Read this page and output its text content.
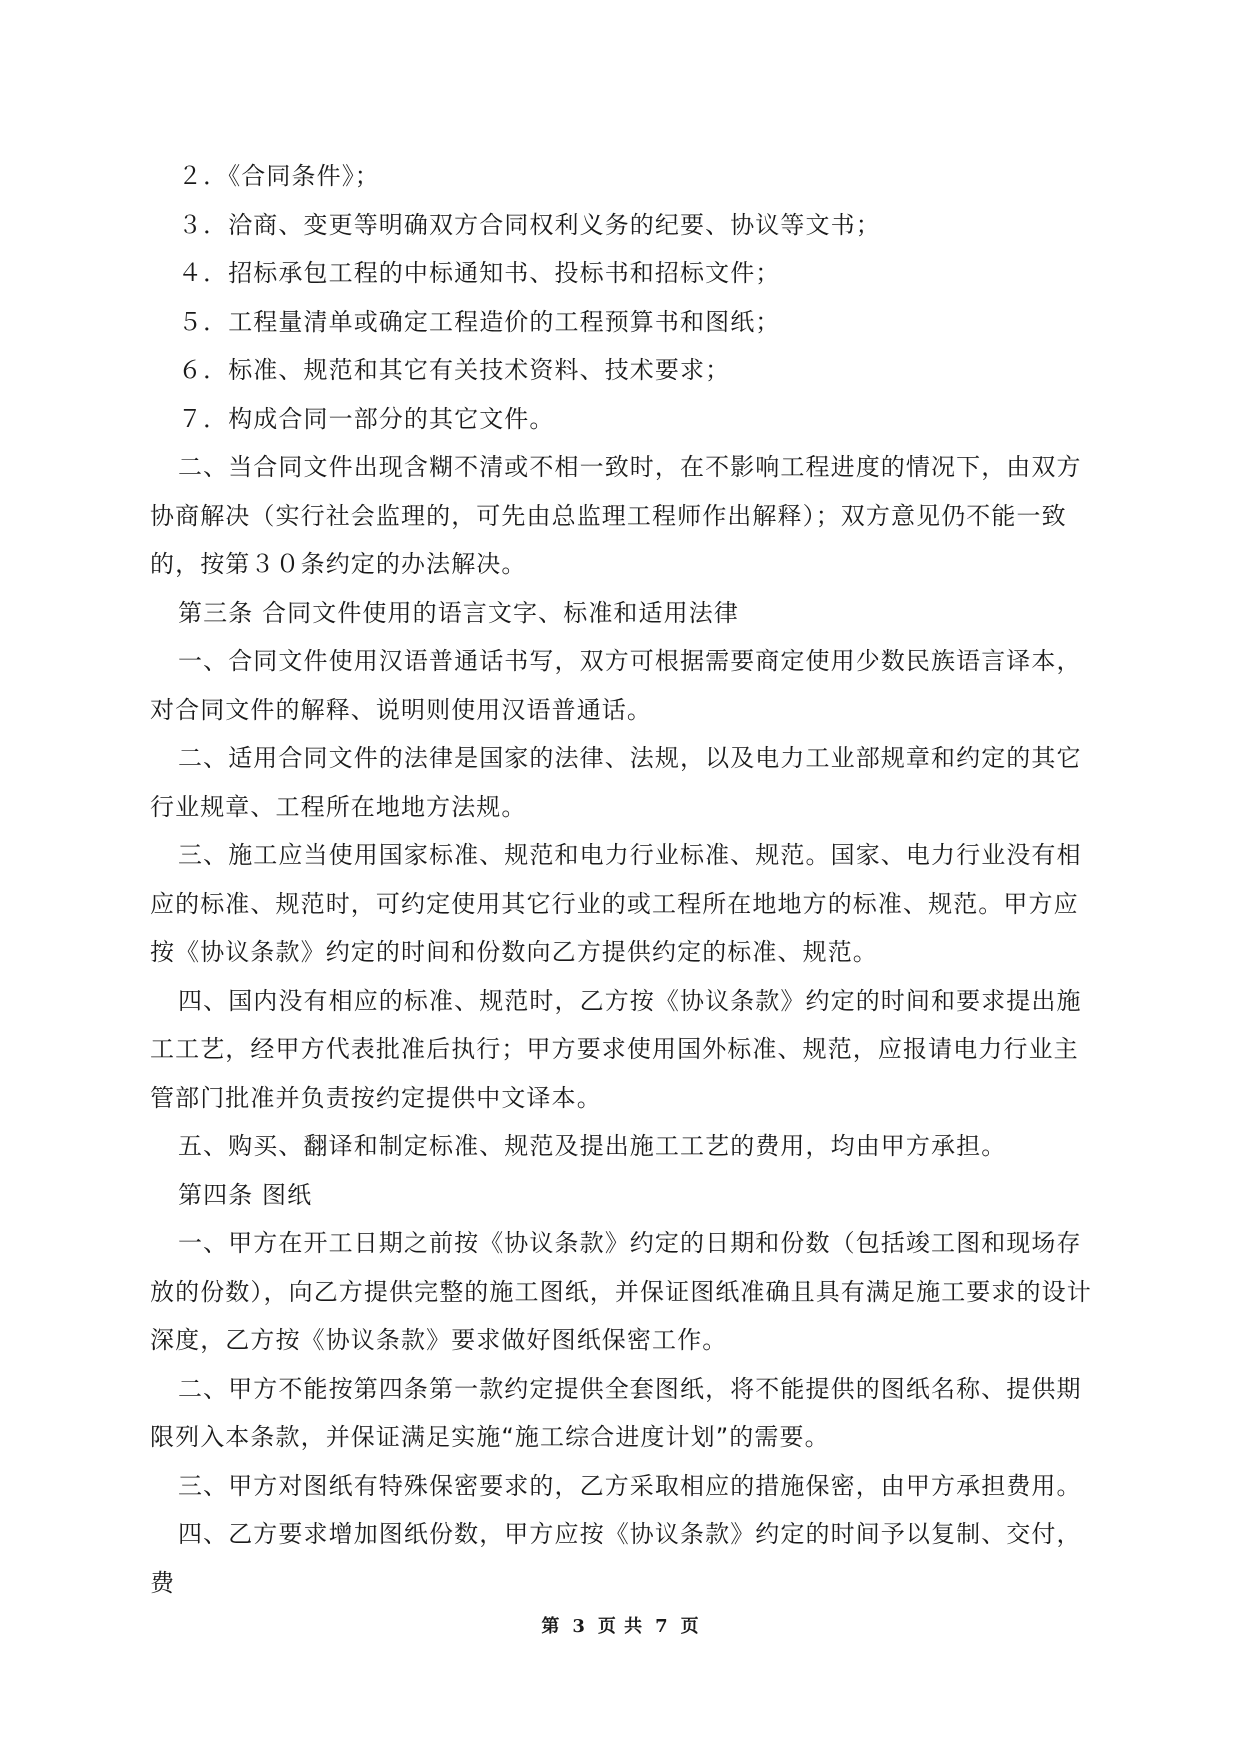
２．《合同条件》；

３．洽商、变更等明确双方合同权利义务的纪要、协议等文书；

４．招标承包工程的中标通知书、投标书和招标文件；

５．工程量清单或确定工程造价的工程预算书和图纸；

６．标准、规范和其它有关技术资料、技术要求；

７．构成合同一部分的其它文件。

二、当合同文件出现含糊不清或不相一致时，在不影响工程进度的情况下，由双方协商解决（实行社会监理的，可先由总监理工程师作出解释）；双方意见仍不能一致的，按第３０条约定的办法解决。

第三条 合同文件使用的语言文字、标准和适用法律

一、合同文件使用汉语普通话书写，双方可根据需要商定使用少数民族语言译本，对合同文件的解释、说明则使用汉语普通话。

二、适用合同文件的法律是国家的法律、法规，以及电力工业部规章和约定的其它行业规章、工程所在地地方法规。

三、施工应当使用国家标准、规范和电力行业标准、规范。国家、电力行业没有相应的标准、规范时，可约定使用其它行业的或工程所在地地方的标准、规范。甲方应按《协议条款》约定的时间和份数向乙方提供约定的标准、规范。

四、国内没有相应的标准、规范时，乙方按《协议条款》约定的时间和要求提出施工工艺，经甲方代表批准后执行；甲方要求使用国外标准、规范，应报请电力行业主管部门批准并负责按约定提供中文译本。

五、购买、翻译和制定标准、规范及提出施工工艺的费用，均由甲方承担。

第四条 图纸

一、甲方在开工日期之前按《协议条款》约定的日期和份数（包括竣工图和现场存放的份数），向乙方提供完整的施工图纸，并保证图纸准确且具有满足施工要求的设计深度，乙方按《协议条款》要求做好图纸保密工作。

二、甲方不能按第四条第一款约定提供全套图纸，将不能提供的图纸名称、提供期限列入本条款，并保证满足实施“施工综合进度计划”的需要。

三、甲方对图纸有特殊保密要求的，乙方采取相应的措施保密，由甲方承担费用。

四、乙方要求增加图纸份数，甲方应按《协议条款》约定的时间予以复制、交付，费

第 3 页 共 7 页
